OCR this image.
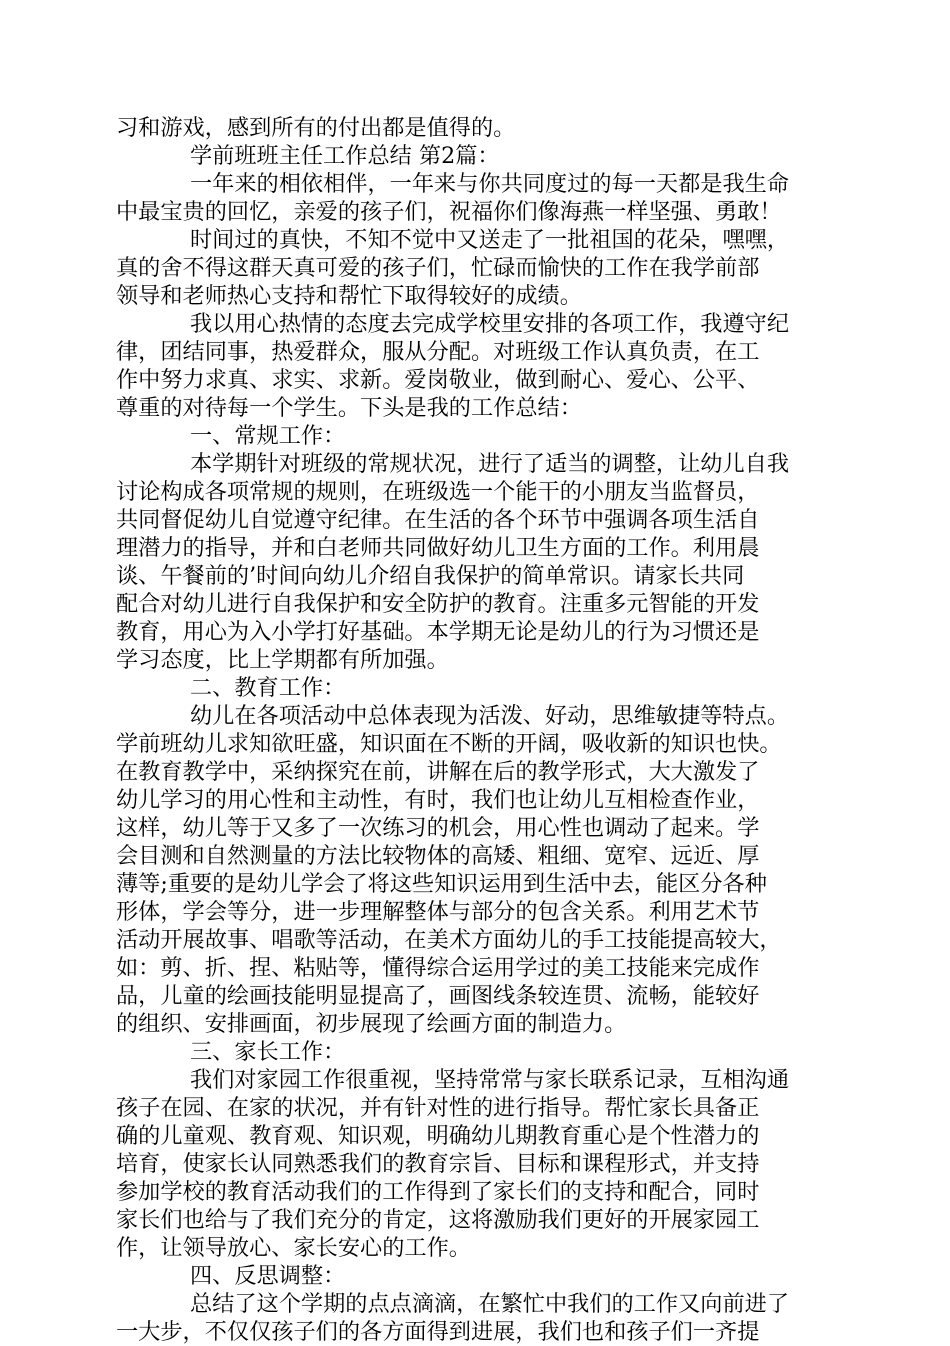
习和游戏，感到所有的付出都是值得的。
学前班班主任工作总结 第2篇：
一年来的相依相伴，一年来与你共同度过的每一天都是我生命
中最宝贵的回忆，亲爱的孩子们，祝福你们像海燕一样坚强、勇敢！
时间过的真快，不知不觉中又送走了一批祖国的花朵，嘿嘿，
真的舍不得这群天真可爱的孩子们，忙碌而愉快的工作在我学前部
领导和老师热心支持和帮忙下取得较好的成绩。
我以用心热情的态度去完成学校里安排的各项工作，我遵守纪
律，团结同事，热爱群众，服从分配。对班级工作认真负责，在工
作中努力求真、求实、求新。爱岗敬业，做到耐心、爱心、公平、
尊重的对待每一个学生。下头是我的工作总结：
一、常规工作：
本学期针对班级的常规状况，进行了适当的调整，让幼儿自我
讨论构成各项常规的规则，在班级选一个能干的小朋友当监督员，
共同督促幼儿自觉遵守纪律。在生活的各个环节中强调各项生活自
理潜力的指导，并和白老师共同做好幼儿卫生方面的工作。利用晨
谈、午餐前的’时间向幼儿介绍自我保护的简单常识。请家长共同
配合对幼儿进行自我保护和安全防护的教育。注重多元智能的开发
教育，用心为入小学打好基础。本学期无论是幼儿的行为习惯还是
学习态度，比上学期都有所加强。
二、教育工作：
幼儿在各项活动中总体表现为活泼、好动，思维敏捷等特点。
学前班幼儿求知欲旺盛，知识面在不断的开阔，吸收新的知识也快。
在教育教学中，采纳探究在前，讲解在后的教学形式，大大激发了
幼儿学习的用心性和主动性，有时，我们也让幼儿互相检查作业，
这样，幼儿等于又多了一次练习的机会，用心性也调动了起来。学
会目测和自然测量的方法比较物体的高矮、粗细、宽窄、远近、厚
薄等;重要的是幼儿学会了将这些知识运用到生活中去，能区分各种
形体，学会等分，进一步理解整体与部分的包含关系。利用艺术节
活动开展故事、唱歌等活动，在美术方面幼儿的手工技能提高较大，
如：剪、折、捏、粘贴等，懂得综合运用学过的美工技能来完成作
品，儿童的绘画技能明显提高了，画图线条较连贯、流畅，能较好
的组织、安排画面，初步展现了绘画方面的制造力。
三、家长工作：
我们对家园工作很重视，坚持常常与家长联系记录，互相沟通
孩子在园、在家的状况，并有针对性的进行指导。帮忙家长具备正
确的儿童观、教育观、知识观，明确幼儿期教育重心是个性潜力的
培育，使家长认同熟悉我们的教育宗旨、目标和课程形式，并支持
参加学校的教育活动我们的工作得到了家长们的支持和配合，同时
家长们也给与了我们充分的肯定，这将激励我们更好的开展家园工
作，让领导放心、家长安心的工作。
四、反思调整：
总结了这个学期的点点滴滴，在繁忙中我们的工作又向前进了
一大步，不仅仅孩子们的各方面得到进展，我们也和孩子们一齐提
